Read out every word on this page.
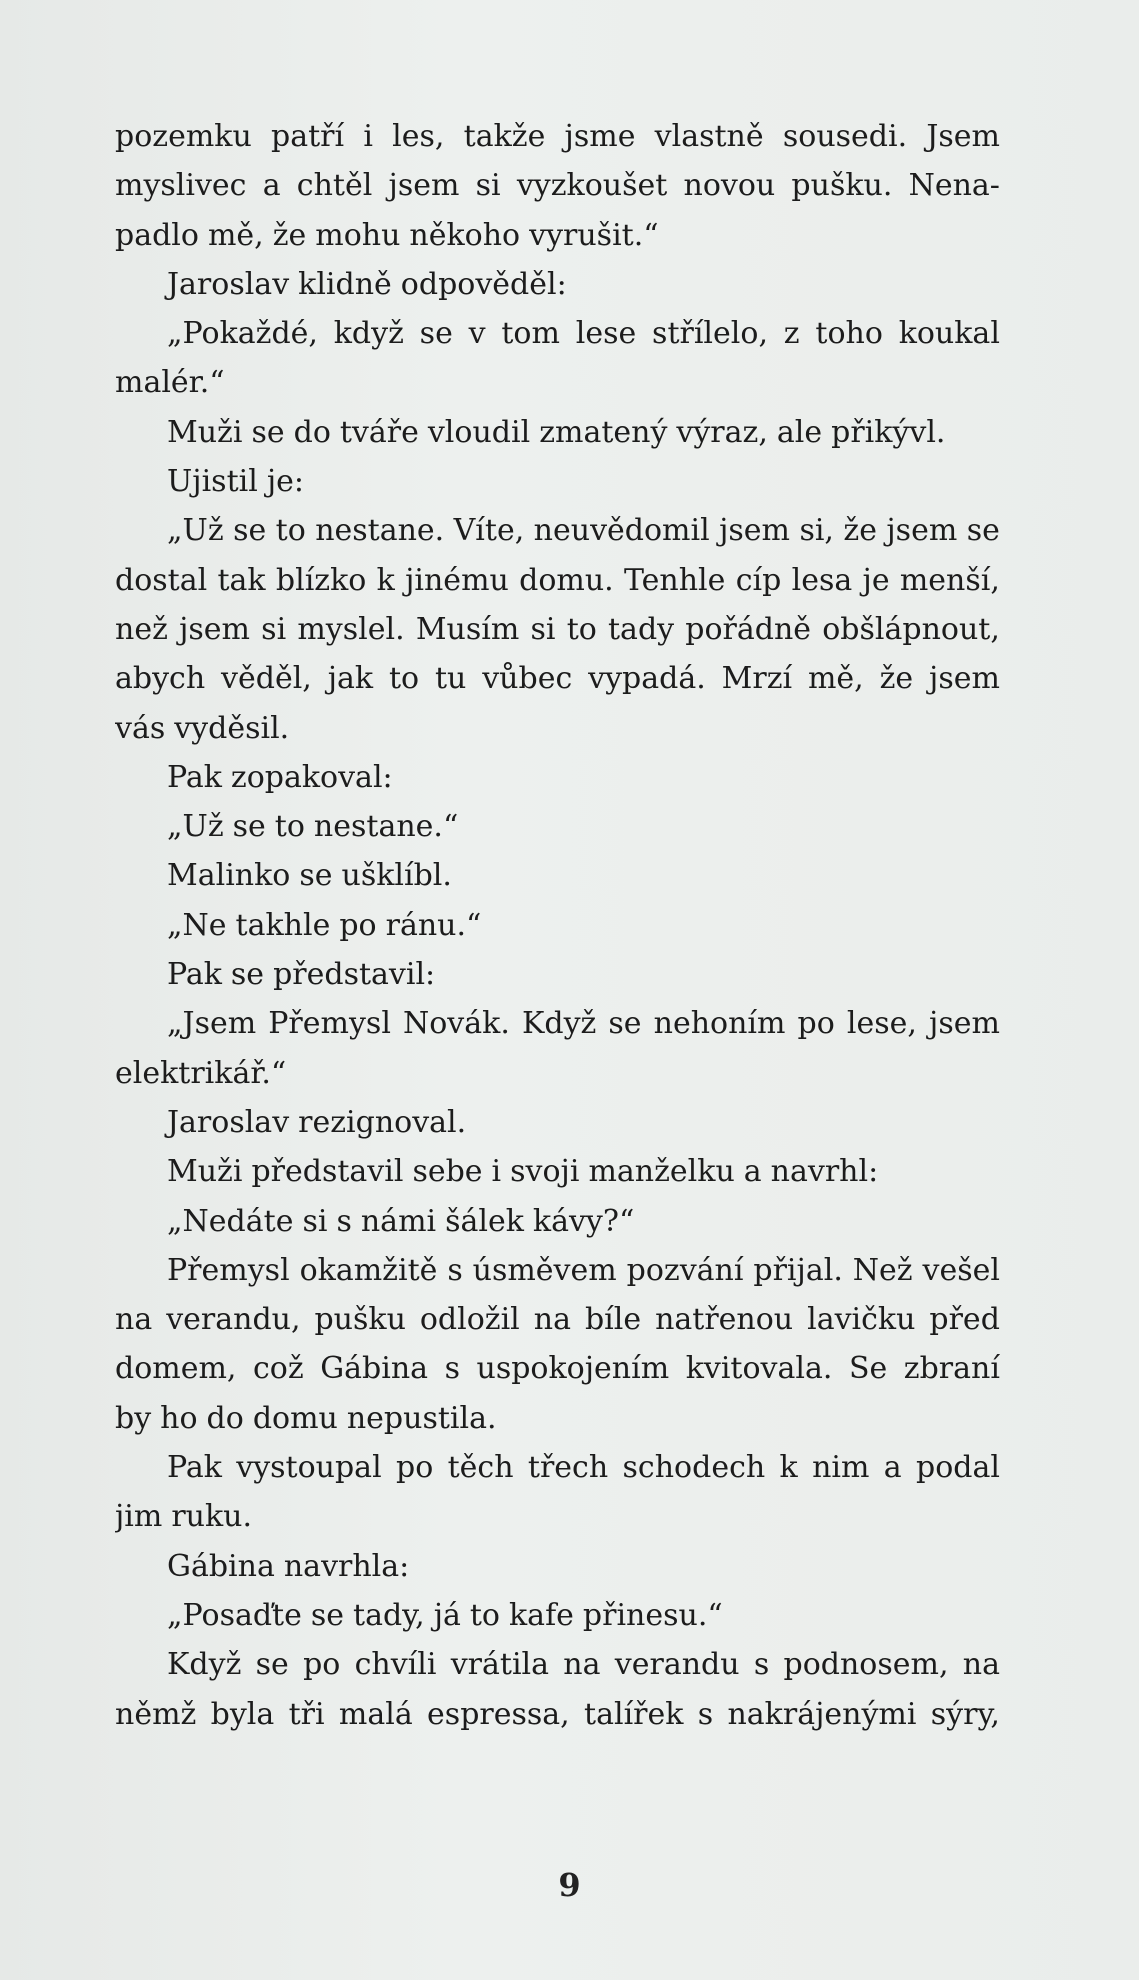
pozemku patří i les, takže jsme vlastně sousedi. Jsem
myslivec a chtěl jsem si vyzkoušet novou pušku. Nena-
padlo mě, že mohu někoho vyrušit.“
Jaroslav klidně odpověděl:
„Pokaždé, když se v tom lese střílelo, z toho koukal
malér.“
Muži se do tváře vloudil zmatený výraz, ale přikývl.
Ujistil je:
„Už se to nestane. Víte, neuvědomil jsem si, že jsem se
dostal tak blízko k jinému domu. Tenhle cíp lesa je menší,
než jsem si myslel. Musím si to tady pořádně obšlápnout,
abych věděl, jak to tu vůbec vypadá. Mrzí mě, že jsem
vás vyděsil.
Pak zopakoval:
„Už se to nestane.“
Malinko se ušklíbl.
„Ne takhle po ránu.“
Pak se představil:
„Jsem Přemysl Novák. Když se nehoním po lese, jsem
elektrikář.“
Jaroslav rezignoval.
Muži představil sebe i svoji manželku a navrhl:
„Nedáte si s námi šálek kávy?“
Přemysl okamžitě s úsměvem pozvání přijal. Než vešel
na verandu, pušku odložil na bíle natřenou lavičku před
domem, což Gábina s uspokojením kvitovala. Se zbraní
by ho do domu nepustila.
Pak vystoupal po těch třech schodech k nim a podal
jim ruku.
Gábina navrhla:
„Posaďte se tady, já to kafe přinesu.“
Když se po chvíli vrátila na verandu s podnosem, na
němž byla tři malá espressa, talířek s nakrájenými sýry,
9
